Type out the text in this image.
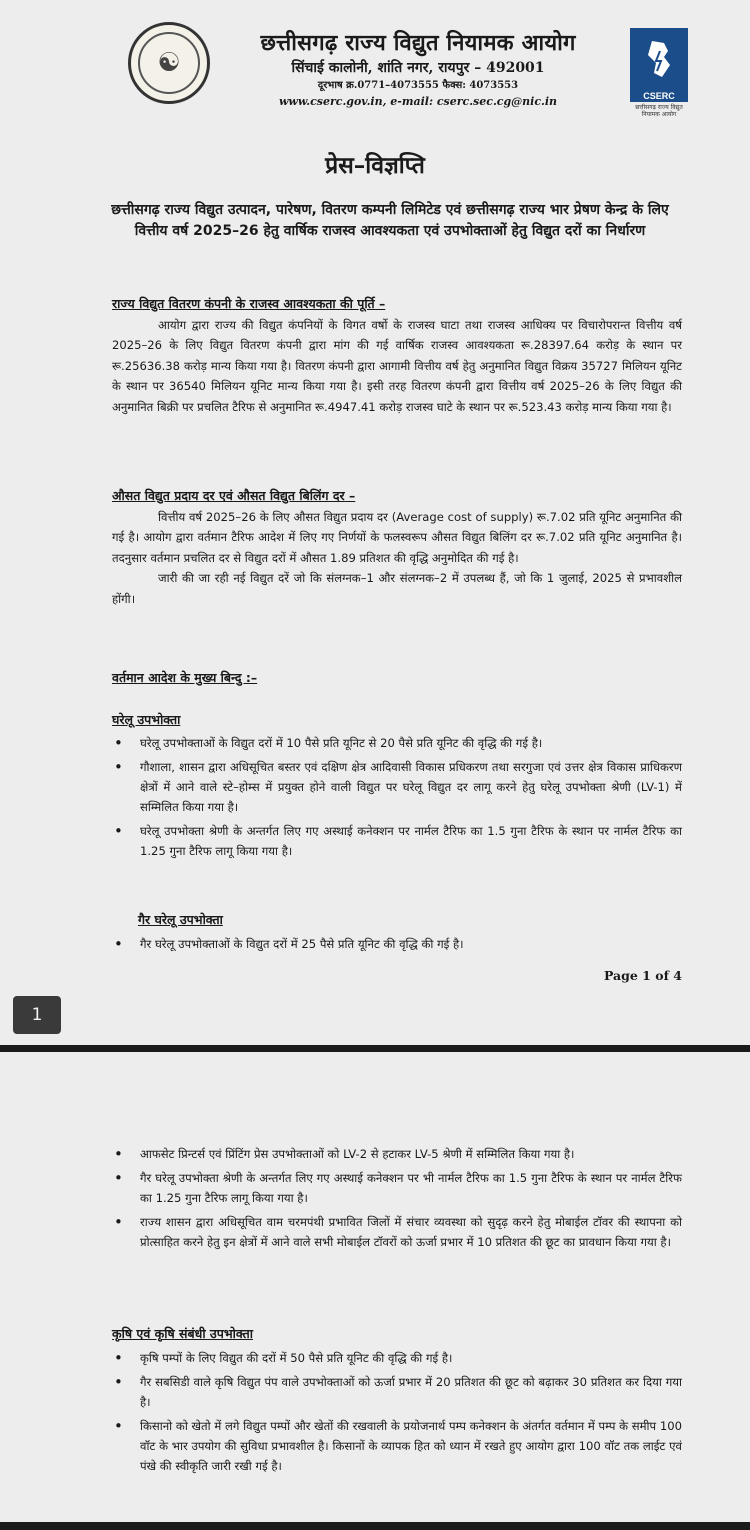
☯
छत्तीसगढ़ राज्य विद्युत नियामक आयोग
सिंचाई कालोनी, शांति नगर, रायपुर – 492001
दूरभाष क्र.0771–4073555 फैक्स: 4073553
www.cserc.gov.in, e-mail: cserc.sec.cg@nic.in	CSERC
छत्तीसगढ़ राज्य विद्युत नियामक आयोग
प्रेस–विज्ञप्ति
छत्तीसगढ़ राज्य विद्युत उत्पादन, पारेषण, वितरण कम्पनी लिमिटेड एवं छत्तीसगढ़ राज्य भार प्रेषण केन्द्र के लिए वित्तीय वर्ष 2025–26 हेतु वार्षिक राजस्व आवश्यकता एवं उपभोक्ताओं हेतु विद्युत दरों का निर्धारण
राज्य विद्युत वितरण कंपनी के राजस्व आवश्यकता की पूर्ति –
आयोग द्वारा राज्य की विद्युत कंपनियों के विगत वर्षो के राजस्व घाटा तथा राजस्व आधिक्य पर विचारोपरान्त वित्तीय वर्ष 2025–26 के लिए विद्युत वितरण कंपनी द्वारा मांग की गई वार्षिक राजस्व आवश्यकता रू.28397.64 करोड़ के स्थान पर रू.25636.38 करोड़ मान्य किया गया है। वितरण कंपनी द्वारा आगामी वित्तीय वर्ष हेतु अनुमानित विद्युत विक्रय 35727 मिलियन यूनिट के स्थान पर 36540 मिलियन यूनिट मान्य किया गया है। इसी तरह वितरण कंपनी द्वारा वित्तीय वर्ष 2025–26 के लिए विद्युत की अनुमानित बिक्री पर प्रचलित टैरिफ से अनुमानित रू.4947.41 करोड़ राजस्व घाटे के स्थान पर रू.523.43 करोड़ मान्य किया गया है।
औसत विद्युत प्रदाय दर एवं औसत विद्युत बिलिंग दर –
वित्तीय वर्ष 2025–26 के लिए औसत विद्युत प्रदाय दर (Average cost of supply) रू.7.02 प्रति यूनिट अनुमानित की गई है। आयोग द्वारा वर्तमान टैरिफ आदेश में लिए गए निर्णयों के फलस्वरूप औसत विद्युत बिलिंग दर रू.7.02 प्रति यूनिट अनुमानित है। तदनुसार वर्तमान प्रचलित दर से विद्युत दरों में औसत 1.89 प्रतिशत की वृद्धि अनुमोदित की गई है।
जारी की जा रही नई विद्युत दरें जो कि संलग्नक–1 और संलग्नक–2 में उपलब्ध हैं, जो कि 1 जुलाई, 2025 से प्रभावशील होंगी।
वर्तमान आदेश के मुख्य बिन्दु :–
घरेलू उपभोक्ता
• घरेलू उपभोक्ताओं के विद्युत दरों में 10 पैसे प्रति यूनिट से 20 पैसे प्रति यूनिट की वृद्धि की गई है।
• गौशाला, शासन द्वारा अधिसूचित बस्तर एवं दक्षिण क्षेत्र आदिवासी विकास प्रधिकरण तथा सरगुजा एवं उत्तर क्षेत्र विकास प्राधिकरण क्षेत्रों में आने वाले स्टे–होम्स में प्रयुक्त होने वाली विद्युत पर घरेलू विद्युत दर लागू करने हेतु घरेलू उपभोक्ता श्रेणी (LV-1) में सम्मिलित किया गया है।
• घरेलू उपभोक्ता श्रेणी के अन्तर्गत लिए गए अस्थाई कनेक्शन पर नार्मल टैरिफ का 1.5 गुना टैरिफ के स्थान पर नार्मल टैरिफ का 1.25 गुना टैरिफ लागू किया गया है।
गैर घरेलू उपभोक्ता
• गैर घरेलू उपभोक्ताओं के विद्युत दरों में 25 पैसे प्रति यूनिट की वृद्धि की गई है।
Page 1 of 4
1
• आफसेट प्रिन्टर्स एवं प्रिंटिंग प्रेस उपभोक्ताओं को LV-2 से हटाकर LV-5 श्रेणी में सम्मिलित किया गया है।
• गैर घरेलू उपभोक्ता श्रेणी के अन्तर्गत लिए गए अस्थाई कनेक्शन पर भी नार्मल टैरिफ का 1.5 गुना टैरिफ के स्थान पर नार्मल टैरिफ का 1.25 गुना टैरिफ लागू किया गया है।
• राज्य शासन द्वारा अधिसूचित वाम चरमपंथी प्रभावित जिलों में संचार व्यवस्था को सुदृढ़ करने हेतु मोबाईल टॉवर की स्थापना को प्रोत्साहित करने हेतु इन क्षेत्रों में आने वाले सभी मोबाईल टॉवरों को ऊर्जा प्रभार में 10 प्रतिशत की छूट का प्रावधान किया गया है।
कृषि एवं कृषि संबंधी उपभोक्ता
• कृषि पम्पों के लिए विद्युत की दरों में 50 पैसे प्रति यूनिट की वृद्धि की गई है।
• गैर सबसिडी वाले कृषि विद्युत पंप वाले उपभोक्ताओं को ऊर्जा प्रभार में 20 प्रतिशत की छूट को बढ़ाकर 30 प्रतिशत कर दिया गया है।
• किसानो को खेतो में लगे विद्युत पम्पों और खेतों की रखवाली के प्रयोजनार्थ पम्प कनेक्शन के अंतर्गत वर्तमान में पम्प के समीप 100 वॉट के भार उपयोग की सुविधा प्रभावशील है। किसानों के व्यापक हित को ध्यान में रखते हुए आयोग द्वारा 100 वॉट तक लाईट एवं पंखे की स्वीकृति जारी रखी गई है।
